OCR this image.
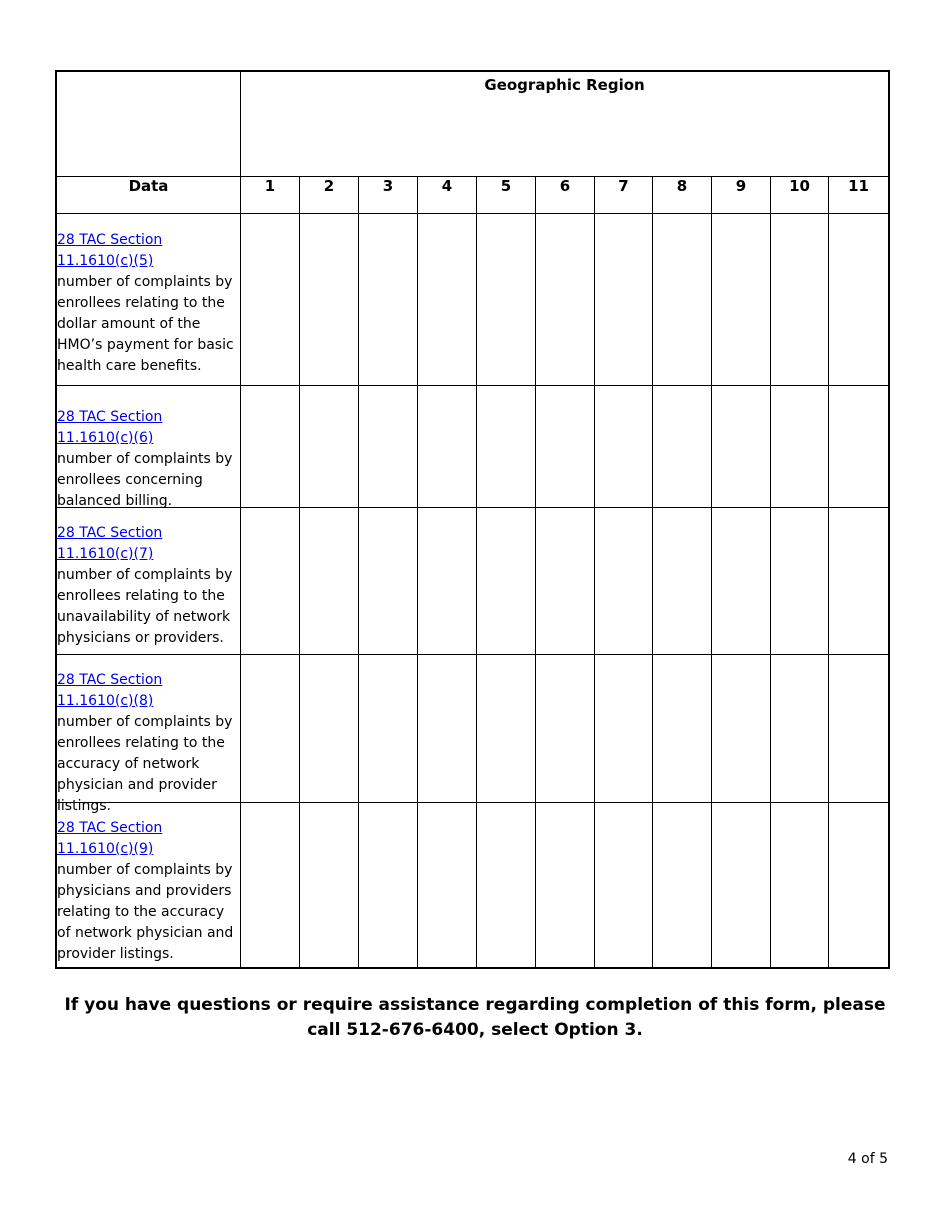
	Geographic Region										

Data	1	2	3	4	5	6	7	8	9	10	11

28 TAC Section 11.1610(c)(5)
number of complaints by enrollees relating to the dollar amount of the HMO’s payment for basic health care benefits.											

28 TAC Section 11.1610(c)(6)
number of complaints by enrollees concerning balanced billing.											

28 TAC Section 11.1610(c)(7)
number of complaints by enrollees relating to the unavailability of network physicians or providers.											

28 TAC Section 11.1610(c)(8)
number of complaints by enrollees relating to the accuracy of network physician and provider listings.											

28 TAC Section 11.1610(c)(9)
number of complaints by physicians and providers relating to the accuracy of network physician and provider listings.											

If you have questions or require assistance regarding completion of this form, please call 512-676-6400, select Option 3.
4 of 5
